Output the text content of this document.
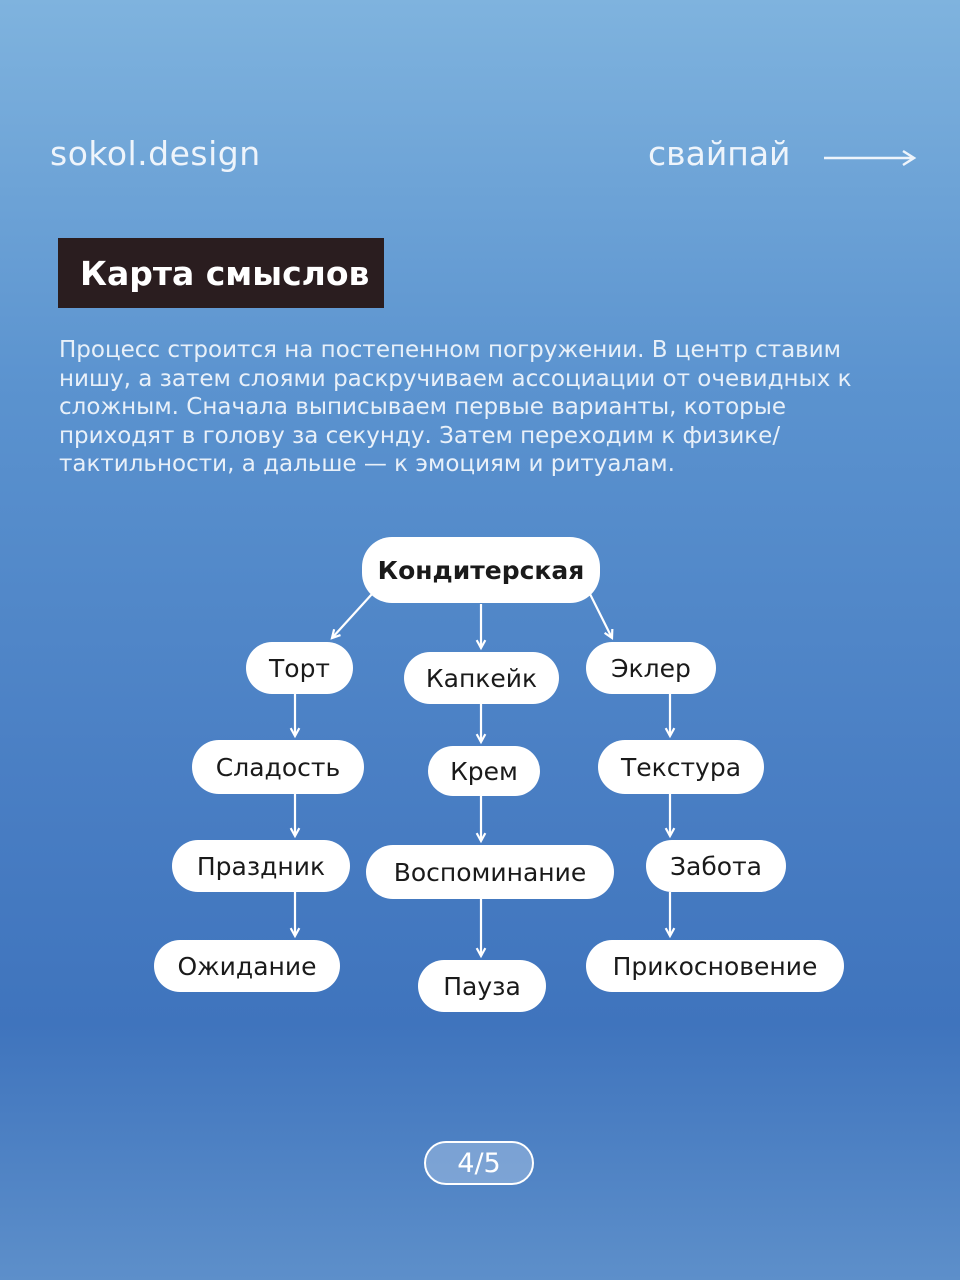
sokol.design	свайпай
Карта смыслов
Процесс строится на постепенном погружении. В центр ставим нишу, а затем слоями раскручиваем ассоциации от очевидных к сложным. Сначала выписываем первые варианты, которые приходят в голову за секунду. Затем переходим к физике/тактильности, а дальше — к эмоциям и ритуалам.
Кондитерская
Торт
Сладость
Праздник
Ожидание
Капкейк
Крем
Воспоминание
Пауза
Эклер
Текстура
Забота
Прикосновение
4/5
